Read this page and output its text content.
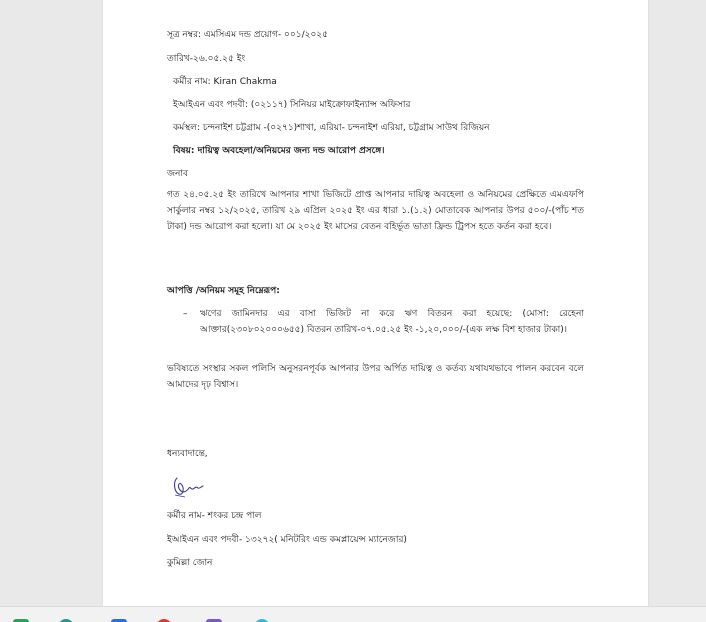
সূত্র নম্বর: এমসিএম দন্ড প্রয়োগ- ০০১/২০২৫
তারিখ-২৬.০৫.২৫ ইং
কর্মীর নাম: Kiran Chakma
ইআইএন এবং পদবী: (০২১১৭) সিনিয়র মাইক্রোফাইন্যান্স অফিসার
কর্মস্থল: চন্দনাইশ চট্টগ্রাম -(০২৭১)শাখা, এরিয়া- চন্দনাইশ এরিয়া, চট্টগ্রাম সাউথ রিজিয়ন
বিষয়: দায়িত্ব অবহেলা/অনিয়মের জন্য দন্ড আরোপ প্রসঙ্গে।
জনাব
গত ২৪.০৫.২৫ ইং তারিখে আপনার শাখা ভিজিটে প্রাপ্ত আপনার দায়িত্ব অবহেলা ও অনিয়মের প্রেক্ষিতে এমএফপি সার্কুলার নম্বর ১২/২০২৫, তারিখ ২৯ এপ্রিল ২০২৫ ইং এর ধারা ১.(১.২) মোতাবেক আপনার উপর ৫০০/-(পাঁচ শত টাকা) দন্ড আরোপ করা হলো। যা মে ২০২৫ ইং মাসের বেতন বহির্ভূত ভাতা ফ্রিন্ড ট্রিপস হতে কর্তন করা হবে।
আপত্তি /অনিয়ম সমূহ নিম্নেরূপ:
– ঋণের জামিনদার এর বাসা ভিজিট না করে ঋণ বিতরন করা হয়েছে: (মোসা: রেহেনা আক্তার(২৩০৮০২০০০৬৫৫) বিতরন তারিখ-০৭.০৫.২৫ ইং -১,২০,০০০/-(এক লক্ষ বিশ হাজার টাকা)।
ভবিষ্যতে সংস্থার সকল পলিসি অনুসরনপূর্বক আপনার উপর অর্পিত দায়িত্ব ও কর্তব্য যথাযথভাবে পালন করবেন বলে আমাদের দৃঢ় বিশ্বাস।
ধন্যবাদান্তে,
কর্মীর নাম- শংকর চন্দ্র পাল
ইআইএন এবং পদবী- ১৩২৭২( মনিটরিং এন্ড কমপ্লায়েন্স ম্যানেজার)
কুমিল্লা জোন
